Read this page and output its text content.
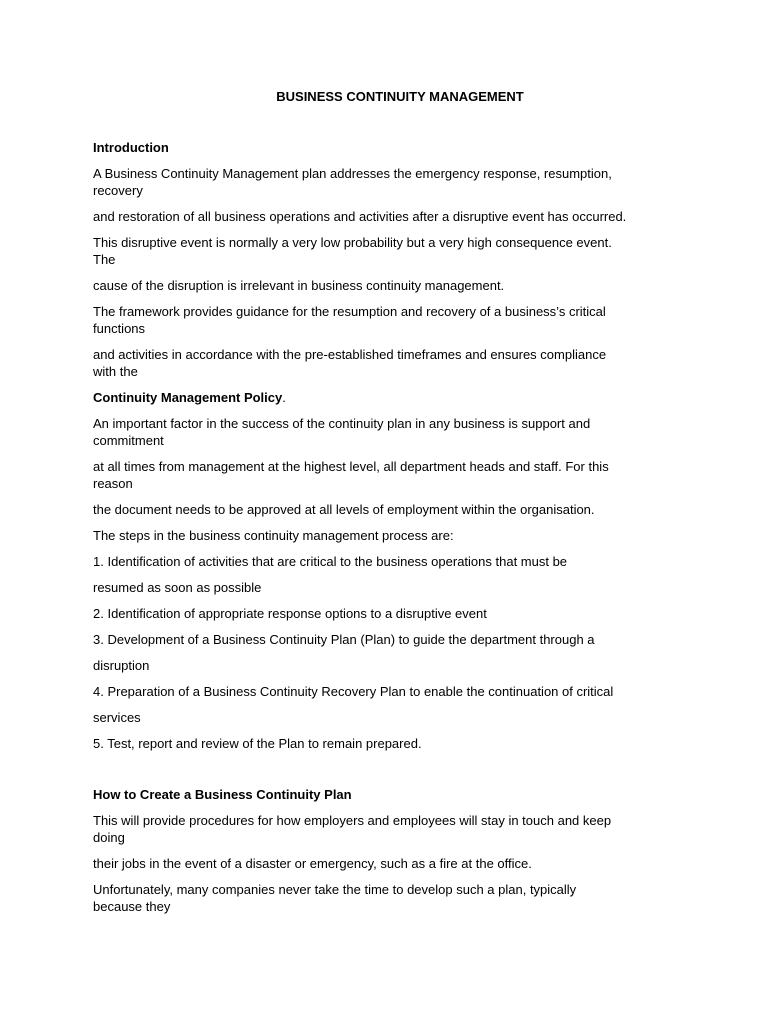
BUSINESS CONTINUITY MANAGEMENT
Introduction
A Business Continuity Management plan addresses the emergency response, resumption,
recovery
and restoration of all business operations and activities after a disruptive event has occurred.
This disruptive event is normally a very low probability but a very high consequence event.
The
cause of the disruption is irrelevant in business continuity management.
The framework provides guidance for the resumption and recovery of a business’s critical
functions
and activities in accordance with the pre-established timeframes and ensures compliance
with the
Continuity Management Policy.
An important factor in the success of the continuity plan in any business is support and
commitment
at all times from management at the highest level, all department heads and staff. For this
reason
the document needs to be approved at all levels of employment within the organisation.
The steps in the business continuity management process are:
1. Identification of activities that are critical to the business operations that must be
resumed as soon as possible
2. Identification of appropriate response options to a disruptive event
3. Development of a Business Continuity Plan (Plan) to guide the department through a
disruption
4. Preparation of a Business Continuity Recovery Plan to enable the continuation of critical
services
5. Test, report and review of the Plan to remain prepared.
How to Create a Business Continuity Plan
This will provide procedures for how employers and employees will stay in touch and keep
doing
their jobs in the event of a disaster or emergency, such as a fire at the office.
Unfortunately, many companies never take the time to develop such a plan, typically
because they
